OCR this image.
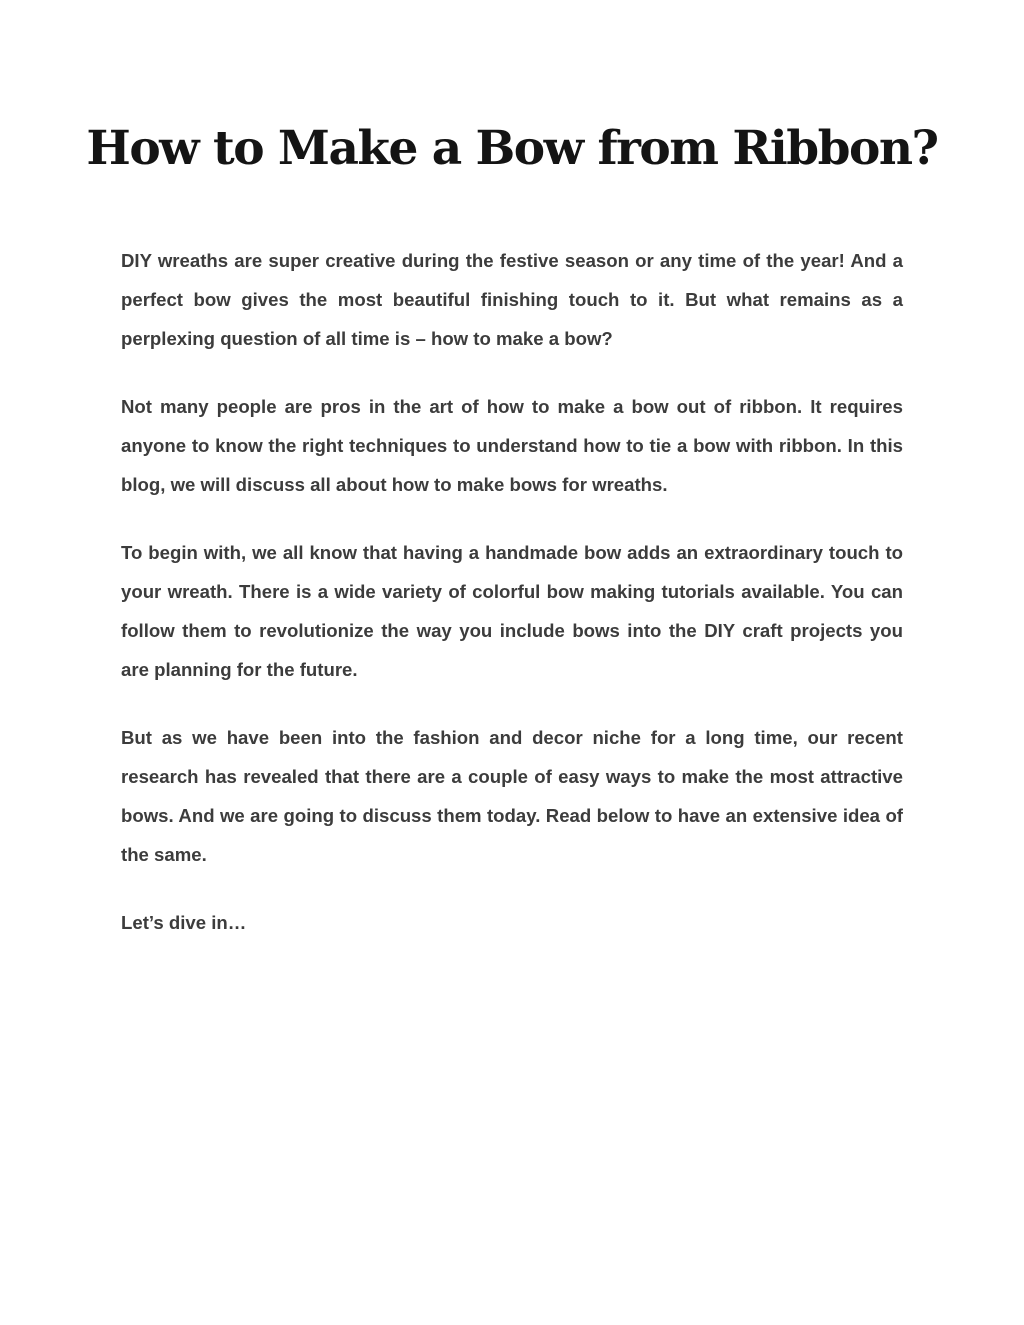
How to Make a Bow from Ribbon?

DIY wreaths are super creative during the festive season or any time of the year! And a perfect bow gives the most beautiful finishing touch to it. But what remains as a perplexing question of all time is – how to make a bow?

Not many people are pros in the art of how to make a bow out of ribbon. It requires anyone to know the right techniques to understand how to tie a bow with ribbon. In this blog, we will discuss all about how to make bows for wreaths.

To begin with, we all know that having a handmade bow adds an extraordinary touch to your wreath. There is a wide variety of colorful bow making tutorials available. You can follow them to revolutionize the way you include bows into the DIY craft projects you are planning for the future.

But as we have been into the fashion and decor niche for a long time, our recent research has revealed that there are a couple of easy ways to make the most attractive bows. And we are going to discuss them today. Read below to have an extensive idea of the same.

Let’s dive in…
